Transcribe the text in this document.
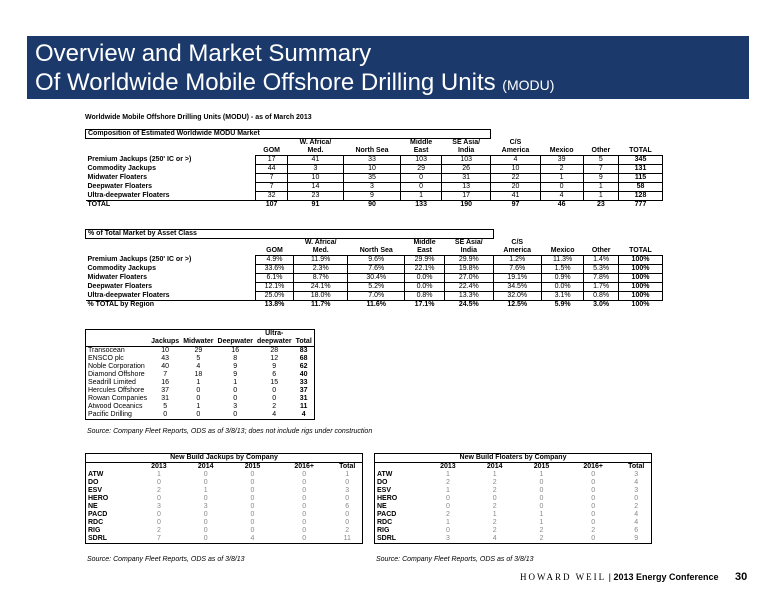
Overview and Market Summary
Of Worldwide Mobile Offshore Drilling Units (MODU)
Worldwide Mobile Offshore Drilling Units (MODU) - as of March 2013
Composition of Estimated Worldwide MODU Market									
		W. Africa/		Middle	SE Asia/	C/S			
	GOM	Med.	North Sea	East	India	America	Mexico	Other	TOTAL
Premium Jackups (250' IC or >)	17	41	33	103	103	4	39	5	345
Commodity Jackups	44	3	10	29	26	10	2	7	131
Midwater Floaters	7	10	35	0	31	22	1	9	115
Deepwater Floaters	7	14	3	0	13	20	0	1	58
Ultra-deepwater Floaters	32	23	9	1	17	41	4	1	128
TOTAL	107	91	90	133	190	97	46	23	777
% of Total Market by Asset Class									
		W. Africa/		Middle	SE Asia/	C/S			
	GOM	Med.	North Sea	East	India	America	Mexico	Other	TOTAL
Premium Jackups (250' IC or >)	4.9%	11.9%	9.6%	29.9%	29.9%	1.2%	11.3%	1.4%	100%
Commodity Jackups	33.6%	2.3%	7.6%	22.1%	19.8%	7.6%	1.5%	5.3%	100%
Midwater Floaters	6.1%	8.7%	30.4%	0.0%	27.0%	19.1%	0.9%	7.8%	100%
Deepwater Floaters	12.1%	24.1%	5.2%	0.0%	22.4%	34.5%	0.0%	1.7%	100%
Ultra-deepwater Floaters	25.0%	18.0%	7.0%	0.8%	13.3%	32.0%	3.1%	0.8%	100%
% TOTAL by Region	13.8%	11.7%	11.6%	17.1%	24.5%	12.5%	5.9%	3.0%	100%
				Ultra-	
	Jackups	Midwater	Deepwater	deepwater	Total
Transocean	10	29	16	28	83
ENSCO plc	43	5	8	12	68
Noble Corporation	40	4	9	9	62
Diamond Offshore	7	18	9	6	40
Seadrill Limited	16	1	1	15	33
Hercules Offshore	37	0	0	0	37
Rowan Companies	31	0	0	0	31
Atwood Oceanics	5	1	3	2	11
Pacific Drilling	0	0	0	4	4
Source: Company Fleet Reports, ODS as of 3/8/13; does not include rigs under construction
New Build Jackups by Company					
	2013	2014	2015	2016+	Total
ATW	1	0	0	0	1
DO	0	0	0	0	0
ESV	2	1	0	0	3
HERO	0	0	0	0	0
NE	3	3	0	0	6
PACD	0	0	0	0	0
RDC	0	0	0	0	0
RIG	2	0	0	0	2
SDRL	7	0	4	0	11
Source: Company Fleet Reports, ODS as of 3/8/13
New Build Floaters by Company					
	2013	2014	2015	2016+	Total
ATW	1	1	1	0	3
DO	2	2	0	0	4
ESV	1	2	0	0	3
HERO	0	0	0	0	0
NE	0	2	0	0	2
PACD	2	1	1	0	4
RDC	1	2	1	0	4
RIG	0	2	2	2	6
SDRL	3	4	2	0	9
Source: Company Fleet Reports, ODS as of 3/8/13
HOWARD WEIL | 2013 Energy Conference 30
